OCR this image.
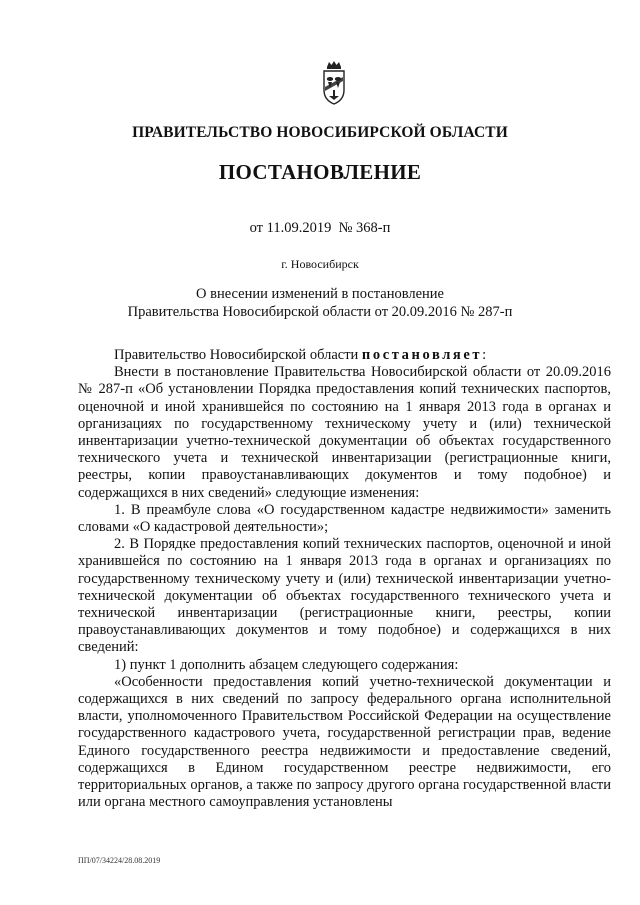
ПРАВИТЕЛЬСТВО НОВОСИБИРСКОЙ ОБЛАСТИ
ПОСТАНОВЛЕНИЕ
от 11.09.2019  № 368-п
г. Новосибирск
О внесении изменений в постановление
Правительства Новосибирской области от 20.09.2016 № 287-п

Правительство Новосибирской области постановляет:

Внести в постановление Правительства Новосибирской области от 20.09.2016 № 287-п «Об установлении Порядка предоставления копий технических паспортов, оценочной и иной хранившейся по состоянию на 1 января 2013 года в органах и организациях по государственному техническому учету и (или) технической инвентаризации учетно-технической документации об объектах государственного технического учета и технической инвентаризации (регистрационные книги, реестры, копии правоустанавливающих документов и тому подобное) и содержащихся в них сведений» следующие изменения:

1. В преамбуле слова «О государственном кадастре недвижимости» заменить словами «О кадастровой деятельности»;

2. В Порядке предоставления копий технических паспортов, оценочной и иной хранившейся по состоянию на 1 января 2013 года в органах и организациях по государственному техническому учету и (или) технической инвентаризации учетно-технической документации об объектах государственного технического учета и технической инвентаризации (регистрационные книги, реестры, копии правоустанавливающих документов и тому подобное) и содержащихся в них сведений:

1) пункт 1 дополнить абзацем следующего содержания:

«Особенности предоставления копий учетно-технической документации и содержащихся в них сведений по запросу федерального органа исполнительной власти, уполномоченного Правительством Российской Федерации на осуществление государственного кадастрового учета, государственной регистрации прав, ведение Единого государственного реестра недвижимости и предоставление сведений, содержащихся в Едином государственном реестре недвижимости, его территориальных органов, а также по запросу другого органа государственной власти или органа местного самоуправления установлены

ПП/07/34224/28.08.2019
